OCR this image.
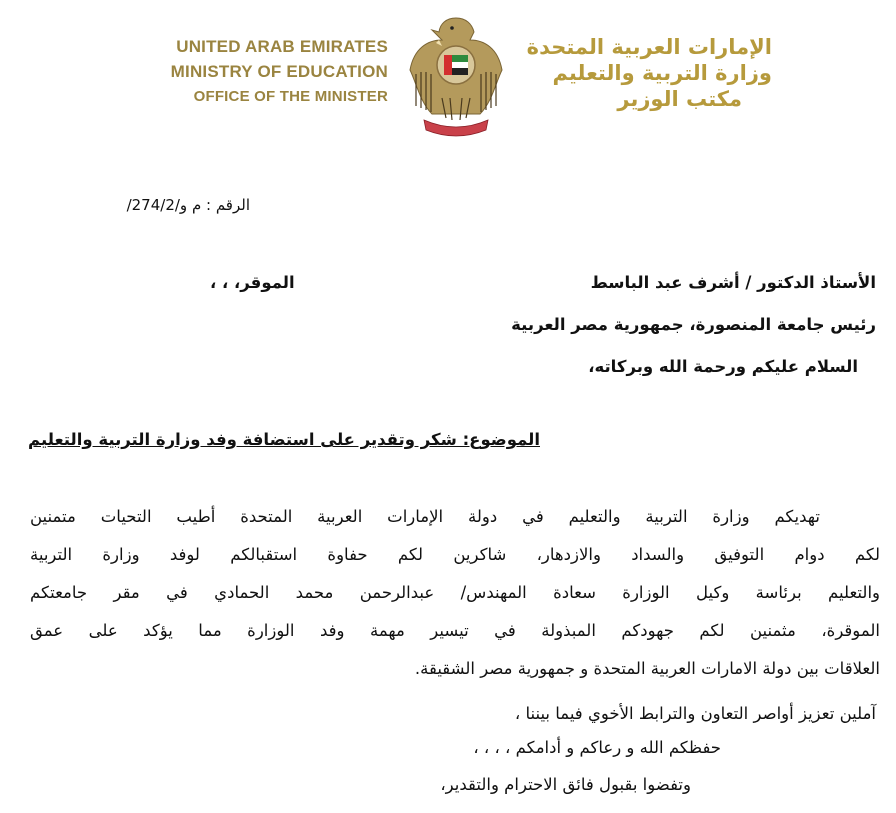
UNITED ARAB EMIRATES
MINISTRY OF EDUCATION
OFFICE OF THE MINISTER
الإمارات العربية المتحدة
وزارة التربية والتعليم
مكتب الوزير
الرقم : م و/274/2/
الأستاذ الدكتور / أشرف عبد الباسط
رئيس جامعة المنصورة، جمهورية مصر العربية
السلام عليكم ورحمة الله وبركاته،
الموقر، ، ،
الموضوع: شكر وتقدير على استضافة وفد وزارة التربية والتعليم
تهديكم وزارة التربية والتعليم في دولة الإمارات العربية المتحدة أطيب التحيات متمنين
لكم دوام التوفيق والسداد والازدهار، شاكرين لكم حفاوة استقبالكم لوفد وزارة التربية
والتعليم برئاسة وكيل الوزارة سعادة المهندس/ عبدالرحمن محمد الحمادي في مقر جامعتكم
الموقرة، مثمنين لكم جهودكم المبذولة في تيسير مهمة وفد الوزارة مما يؤكد على عمق
العلاقات بين دولة الامارات العربية المتحدة و جمهورية مصر الشقيقة.
آملين تعزيز أواصر التعاون والترابط الأخوي فيما بيننا ،
حفظكم الله و رعاكم و أدامكم ، ، ، ،
وتفضوا بقبول فائق الاحترام والتقدير،
